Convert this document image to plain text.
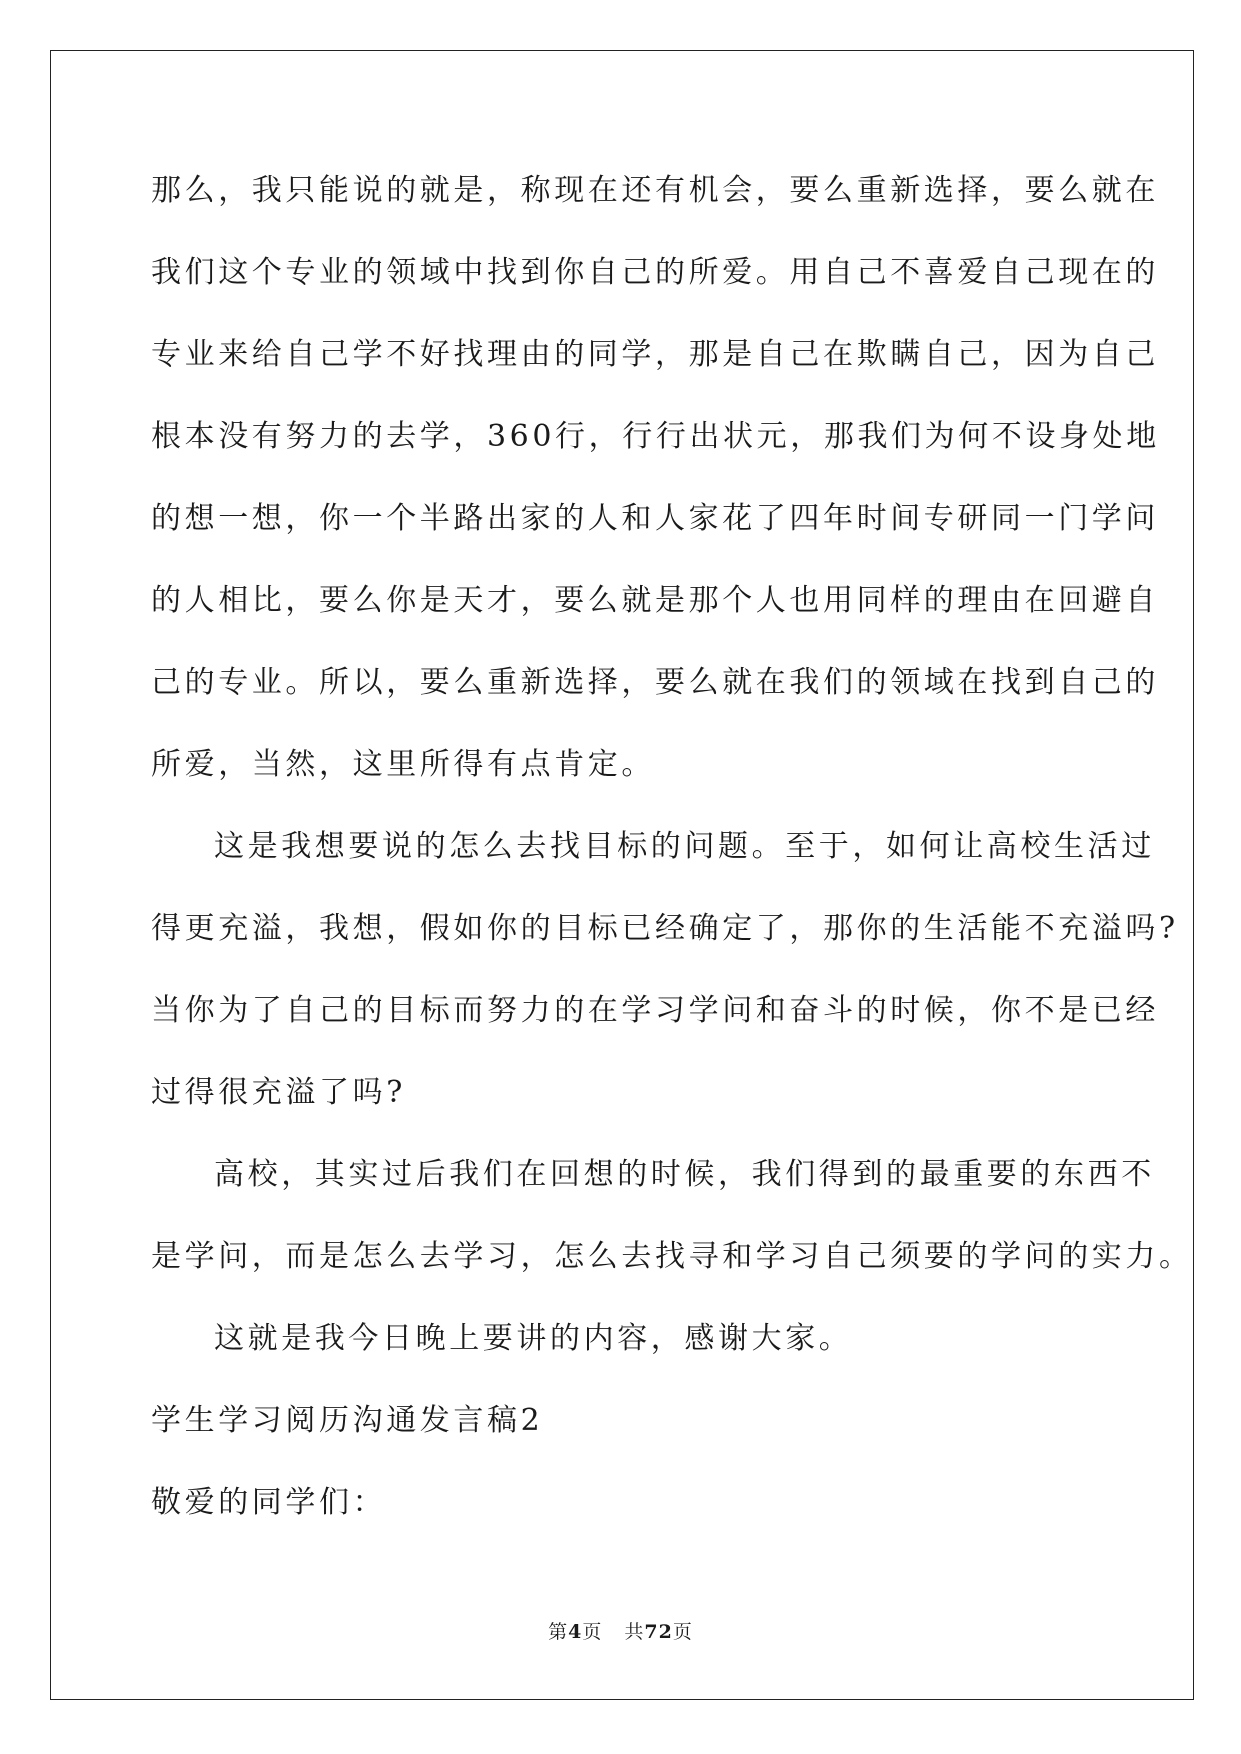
那么，我只能说的就是，称现在还有机会，要么重新选择，要么就在

我们这个专业的领域中找到你自己的所爱。用自己不喜爱自己现在的

专业来给自己学不好找理由的同学，那是自己在欺瞒自己，因为自己

根本没有努力的去学，360行，行行出状元，那我们为何不设身处地

的想一想，你一个半路出家的人和人家花了四年时间专研同一门学问

的人相比，要么你是天才，要么就是那个人也用同样的理由在回避自

己的专业。所以，要么重新选择，要么就在我们的领域在找到自己的

所爱，当然，这里所得有点肯定。

这是我想要说的怎么去找目标的问题。至于，如何让高校生活过

得更充溢，我想，假如你的目标已经确定了，那你的生活能不充溢吗?

当你为了自己的目标而努力的在学习学问和奋斗的时候，你不是已经

过得很充溢了吗?

高校，其实过后我们在回想的时候，我们得到的最重要的东西不

是学问，而是怎么去学习，怎么去找寻和学习自己须要的学问的实力。

这就是我今日晚上要讲的内容，感谢大家。

学生学习阅历沟通发言稿2

敬爱的同学们：

第4页 共72页
